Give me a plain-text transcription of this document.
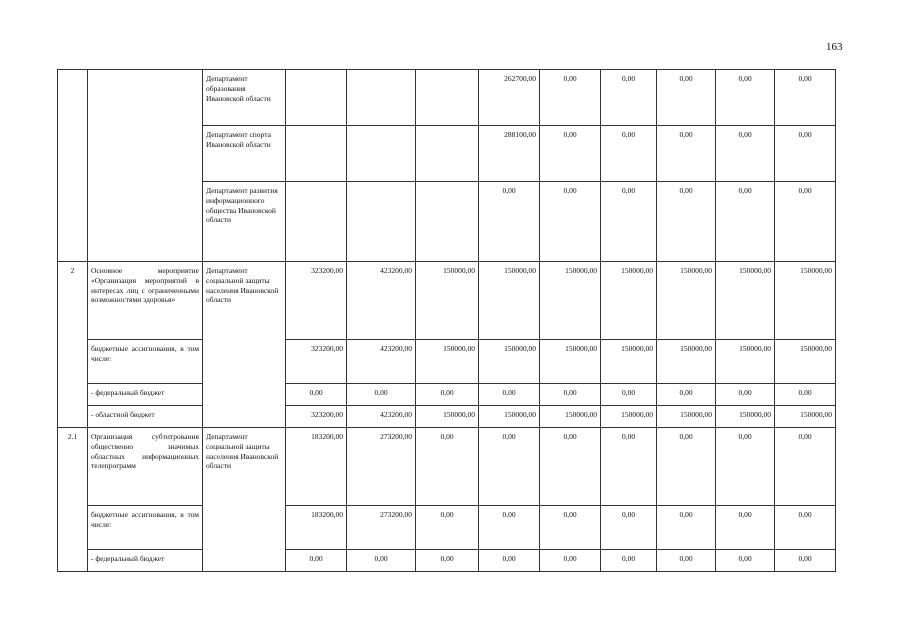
163
		Департамент образования Ивановской области				262700,00	0,00	0,00	0,00	0,00	0,00
		Департамент спорта Ивановской области				288100,00	0,00	0,00	0,00	0,00	0,00
		Департамент развития информационного общества Ивановской области				0,00	0,00	0,00	0,00	0,00	0,00
2	Основное мероприятие «Организация мероприятий в интересах лиц с ограниченными возможностями здоровья»	Департамент социальной защиты населения Ивановской области	323200,00	423200,00	150000,00	150000,00	150000,00	150000,00	150000,00	150000,00	150000,00
	бюджетные ассигнования, в том числе:		323200,00	423200,00	150000,00	150000,00	150000,00	150000,00	150000,00	150000,00	150000,00
	- федеральный бюджет		0,00	0,00	0,00	0,00	0,00	0,00	0,00	0,00	0,00
	- областной бюджет		323200,00	423200,00	150000,00	150000,00	150000,00	150000,00	150000,00	150000,00	150000,00
2.1	Организация субтитрования общественно значимых областных информационных телепрограмм	Департамент социальной защиты населения Ивановской области	183200,00	273200,00	0,00	0,00	0,00	0,00	0,00	0,00	0,00
	бюджетные ассигнования, в том числе:		183200,00	273200,00	0,00	0,00	0,00	0,00	0,00	0,00	0,00
	- федеральный бюджет		0,00	0,00	0,00	0,00	0,00	0,00	0,00	0,00	0,00
